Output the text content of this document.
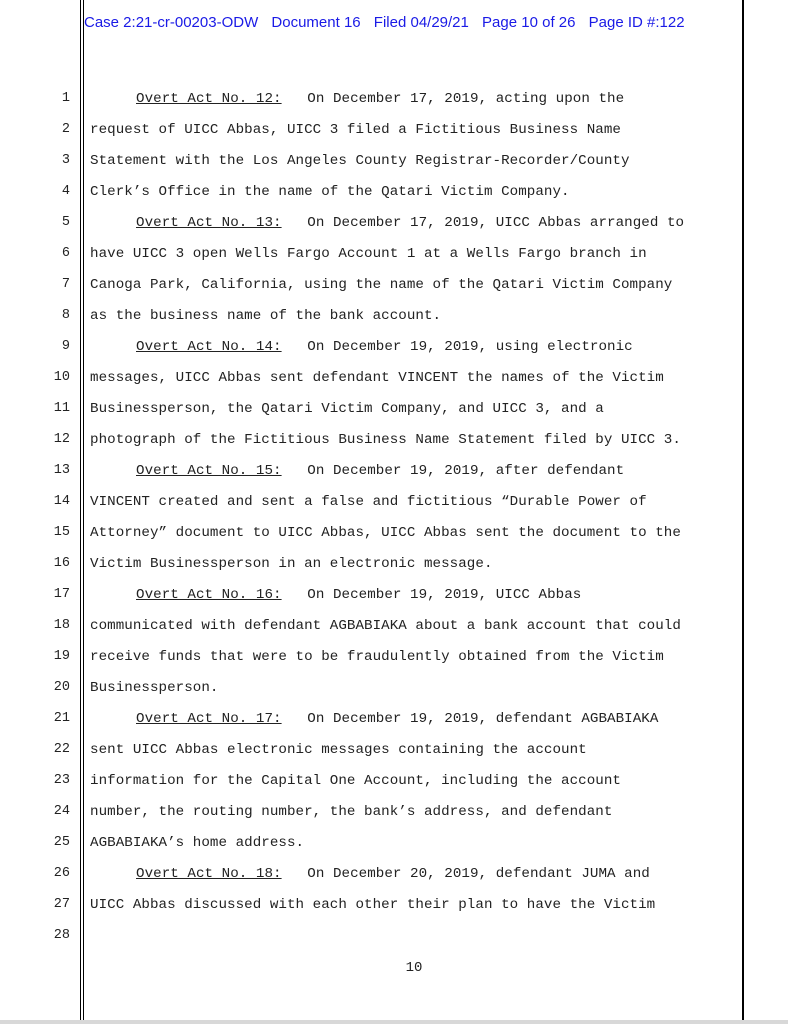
Case 2:21-cr-00203-ODW Document 16 Filed 04/29/21 Page 10 of 26 Page ID #:122
1
2
3
4
5
6
7
8
9
10
11
12
13
14
15
16
17
18
19
20
21
22
23
24
25
26
27
28
Overt Act No. 12:   On December 17, 2019, acting upon the
request of UICC Abbas, UICC 3 filed a Fictitious Business Name
Statement with the Los Angeles County Registrar-Recorder/County
Clerk’s Office in the name of the Qatari Victim Company.
Overt Act No. 13:   On December 17, 2019, UICC Abbas arranged to
have UICC 3 open Wells Fargo Account 1 at a Wells Fargo branch in
Canoga Park, California, using the name of the Qatari Victim Company
as the business name of the bank account.
Overt Act No. 14:   On December 19, 2019, using electronic
messages, UICC Abbas sent defendant VINCENT the names of the Victim
Businessperson, the Qatari Victim Company, and UICC 3, and a
photograph of the Fictitious Business Name Statement filed by UICC 3.
Overt Act No. 15:   On December 19, 2019, after defendant
VINCENT created and sent a false and fictitious “Durable Power of
Attorney” document to UICC Abbas, UICC Abbas sent the document to the
Victim Businessperson in an electronic message.
Overt Act No. 16:   On December 19, 2019, UICC Abbas
communicated with defendant AGBABIAKA about a bank account that could
receive funds that were to be fraudulently obtained from the Victim
Businessperson.
Overt Act No. 17:   On December 19, 2019, defendant AGBABIAKA
sent UICC Abbas electronic messages containing the account
information for the Capital One Account, including the account
number, the routing number, the bank’s address, and defendant
AGBABIAKA’s home address.
Overt Act No. 18:   On December 20, 2019, defendant JUMA and
UICC Abbas discussed with each other their plan to have the Victim
10
